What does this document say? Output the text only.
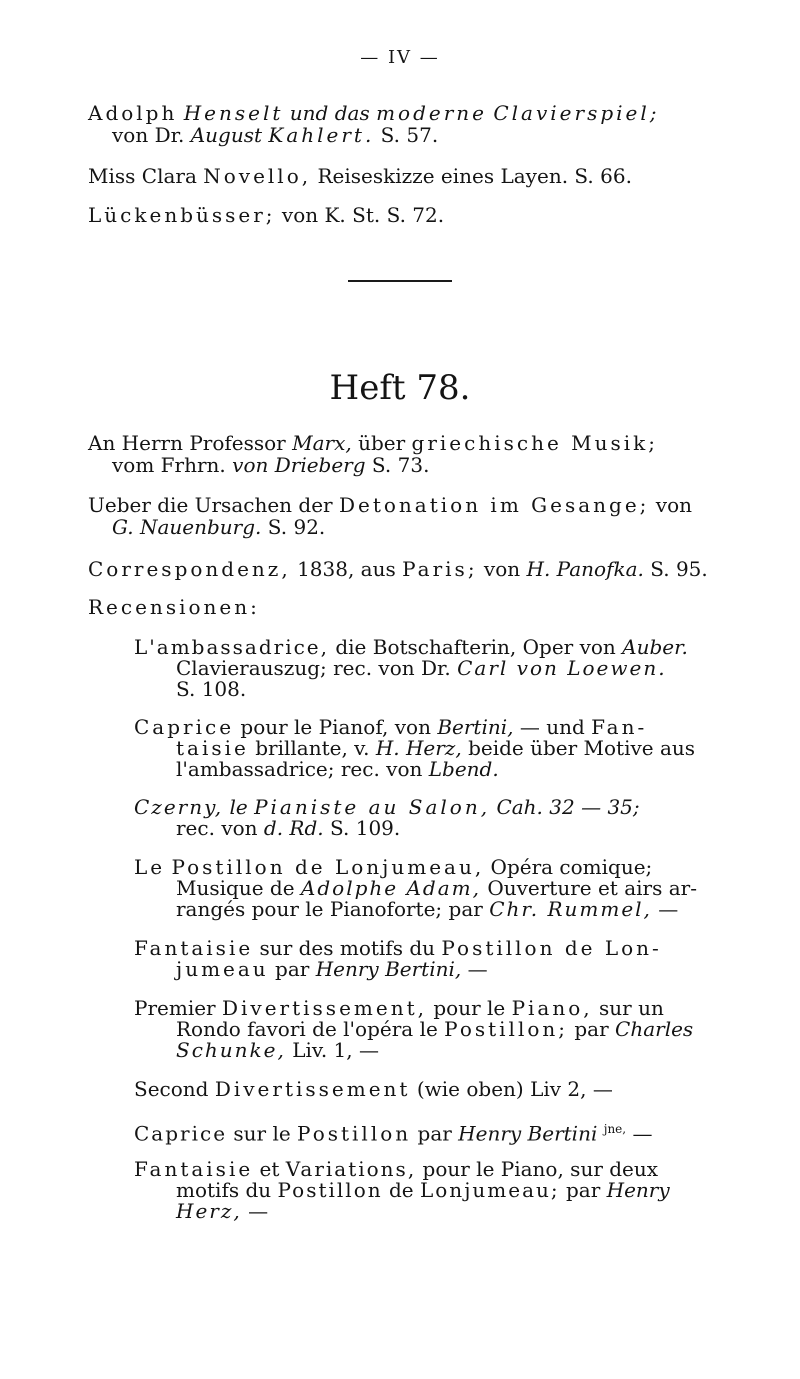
— IV —
Adolph Henselt und das moderne Clavierspiel;
von Dr. August Kahlert. S. 57.
Miss Clara Novello, Reiseskizze eines Layen. S. 66.
Lückenbüsser; von K. St. S. 72.
Heft 78.
An Herrn Professor Marx, über griechische Musik;
vom Frhrn. von Drieberg S. 73.
Ueber die Ursachen der Detonation im Gesange; von
G. Nauenburg. S. 92.
Correspondenz, 1838, aus Paris; von H. Panofka. S. 95.
Recensionen:
L'ambassadrice, die Botschafterin, Oper von Auber.
Clavierauszug; rec. von Dr. Carl von Loewen.
S. 108.
Caprice pour le Pianof, von Bertini, — und Fan-
taisie brillante, v. H. Herz, beide über Motive aus
l'ambassadrice; rec. von Lbend.
Czerny, le Pianiste au Salon, Cah. 32 — 35;
rec. von d. Rd. S. 109.
Le Postillon de Lonjumeau, Opéra comique;
Musique de Adolphe Adam, Ouverture et airs ar-
rangés pour le Pianoforte; par Chr. Rummel, —
Fantaisie sur des motifs du Postillon de Lon-
jumeau par Henry Bertini, —
Premier Divertissement, pour le Piano, sur un
Rondo favori de l'opéra le Postillon; par Charles
Schunke, Liv. 1, —
Second Divertissement (wie oben) Liv 2, —
Caprice sur le Postillon par Henry Bertini $^{jne,}$ —
Fantaisie et Variations, pour le Piano, sur deux
motifs du Postillon de Lonjumeau; par Henry
Herz, —
